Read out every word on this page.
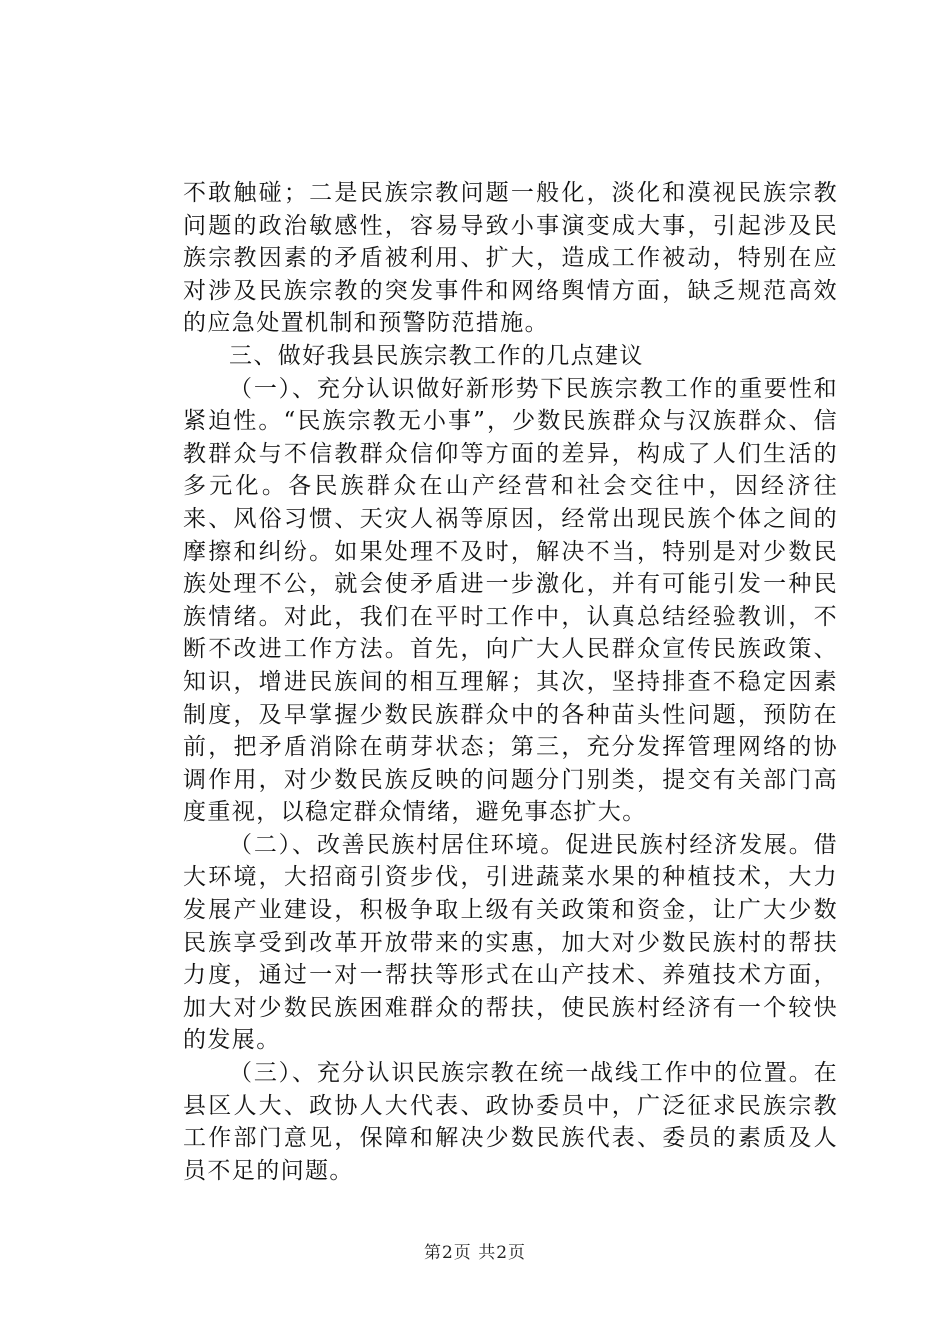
不敢触碰；二是民族宗教问题一般化，淡化和漠视民族宗教问题的政治敏感性，容易导致小事演变成大事，引起涉及民族宗教因素的矛盾被利用、扩大，造成工作被动，特别在应对涉及民族宗教的突发事件和网络舆情方面，缺乏规范高效的应急处置机制和预警防范措施。

三、做好我县民族宗教工作的几点建议

（一）、充分认识做好新形势下民族宗教工作的重要性和紧迫性。“民族宗教无小事”，少数民族群众与汉族群众、信教群众与不信教群众信仰等方面的差异，构成了人们生活的多元化。各民族群众在山产经营和社会交往中，因经济往来、风俗习惯、天灾人祸等原因，经常出现民族个体之间的摩擦和纠纷。如果处理不及时，解决不当，特别是对少数民族处理不公，就会使矛盾进一步激化，并有可能引发一种民族情绪。对此，我们在平时工作中，认真总结经验教训，不断不改进工作方法。首先，向广大人民群众宣传民族政策、知识，增进民族间的相互理解；其次，坚持排查不稳定因素制度，及早掌握少数民族群众中的各种苗头性问题，预防在前，把矛盾消除在萌芽状态；第三，充分发挥管理网络的协调作用，对少数民族反映的问题分门别类，提交有关部门高度重视，以稳定群众情绪，避免事态扩大。

（二）、改善民族村居住环境。促进民族村经济发展。借大环境，大招商引资步伐，引进蔬菜水果的种植技术，大力发展产业建设，积极争取上级有关政策和资金，让广大少数民族享受到改革开放带来的实惠，加大对少数民族村的帮扶力度，通过一对一帮扶等形式在山产技术、养殖技术方面，加大对少数民族困难群众的帮扶，使民族村经济有一个较快的发展。

（三）、充分认识民族宗教在统一战线工作中的位置。在县区人大、政协人大代表、政协委员中，广泛征求民族宗教工作部门意见，保障和解决少数民族代表、委员的素质及人员不足的问题。

第2页 共2页
